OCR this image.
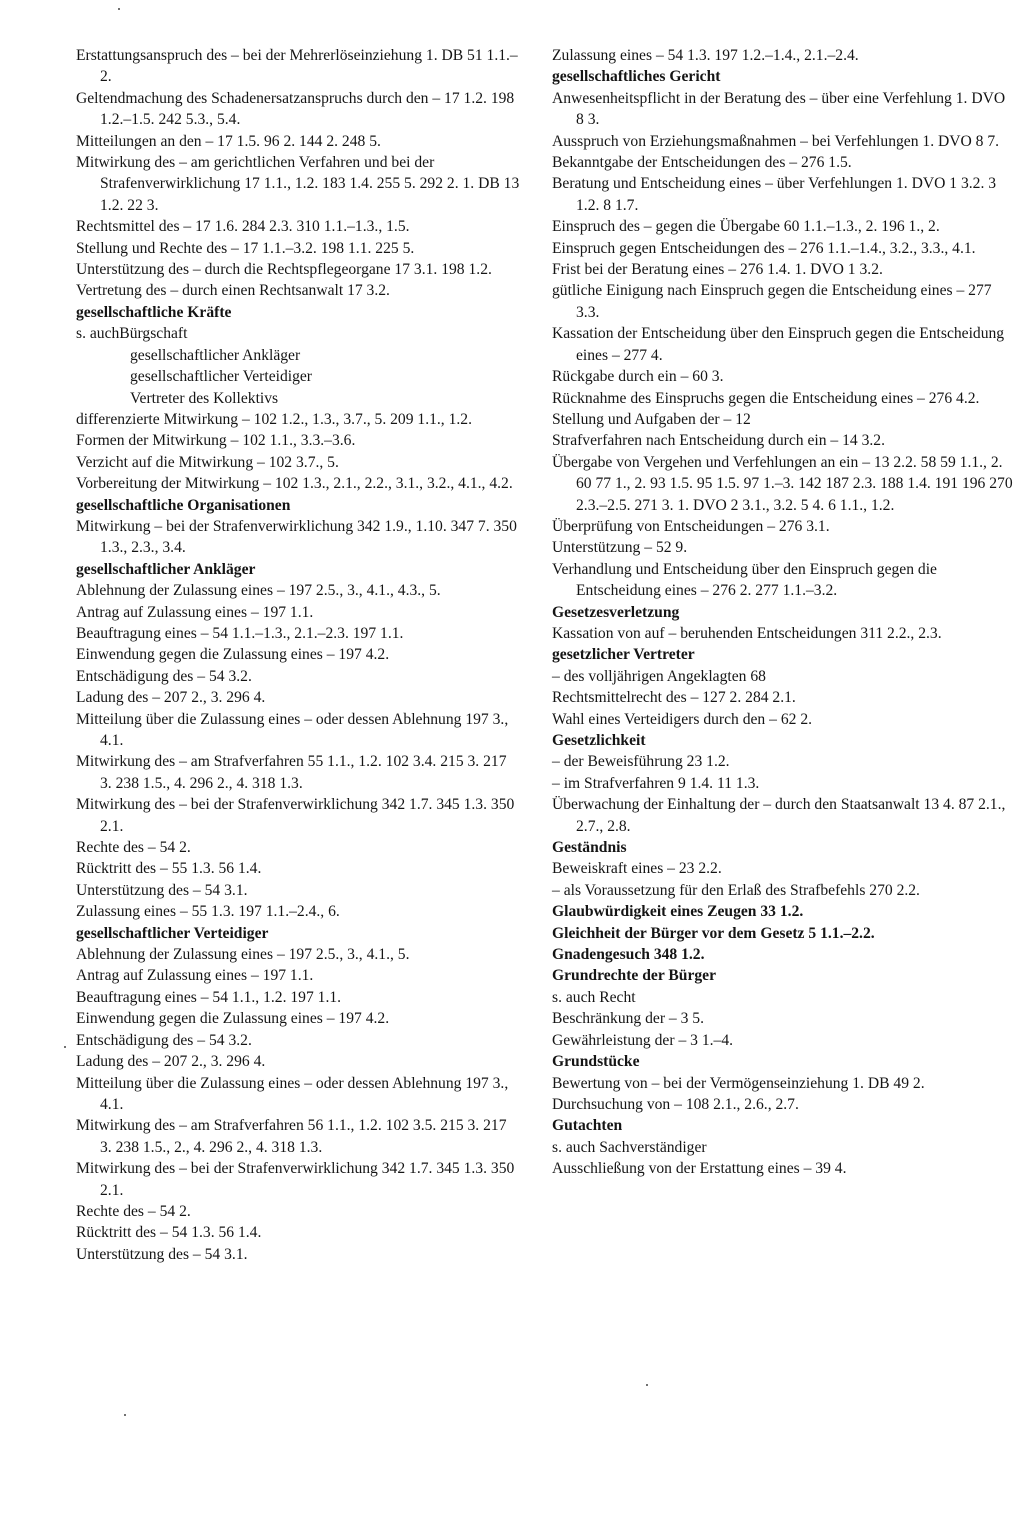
Erstattungsanspruch des – bei der Mehrerlöseinziehung 1. DB 51 1.1.–2.

Geltendmachung des Schadenersatzanspruchs durch den – 17 1.2. 198 1.2.–1.5. 242 5.3., 5.4.

Mitteilungen an den – 17 1.5. 96 2. 144 2. 248 5.

Mitwirkung des – am gerichtlichen Verfahren und bei der Strafenverwirklichung 17 1.1., 1.2. 183 1.4. 255 5. 292 2. 1. DB 13 1.2. 22 3.

Rechtsmittel des – 17 1.6. 284 2.3. 310 1.1.–1.3., 1.5.

Stellung und Rechte des – 17 1.1.–3.2. 198 1.1. 225 5.

Unterstützung des – durch die Rechtspflegeorgane 17 3.1. 198 1.2.

Vertretung des – durch einen Rechtsanwalt 17 3.2.

gesellschaftliche Kräfte

s. auchBürgschaft

gesellschaftlicher Ankläger

gesellschaftlicher Verteidiger

Vertreter des Kollektivs

differenzierte Mitwirkung – 102 1.2., 1.3., 3.7., 5. 209 1.1., 1.2.

Formen der Mitwirkung – 102 1.1., 3.3.–3.6.

Verzicht auf die Mitwirkung – 102 3.7., 5.

Vorbereitung der Mitwirkung – 102 1.3., 2.1., 2.2., 3.1., 3.2., 4.1., 4.2.

gesellschaftliche Organisationen

Mitwirkung – bei der Strafenverwirklichung 342 1.9., 1.10. 347 7. 350 1.3., 2.3., 3.4.

gesellschaftlicher Ankläger

Ablehnung der Zulassung eines – 197 2.5., 3., 4.1., 4.3., 5.

Antrag auf Zulassung eines – 197 1.1.

Beauftragung eines – 54 1.1.–1.3., 2.1.–2.3. 197 1.1.

Einwendung gegen die Zulassung eines – 197 4.2.

Entschädigung des – 54 3.2.

Ladung des – 207 2., 3. 296 4.

Mitteilung über die Zulassung eines – oder dessen Ablehnung 197 3., 4.1.

Mitwirkung des – am Strafverfahren 55 1.1., 1.2. 102 3.4. 215 3. 217 3. 238 1.5., 4. 296 2., 4. 318 1.3.

Mitwirkung des – bei der Strafenverwirklichung 342 1.7. 345 1.3. 350 2.1.

Rechte des – 54 2.

Rücktritt des – 55 1.3. 56 1.4.

Unterstützung des – 54 3.1.

Zulassung eines – 55 1.3. 197 1.1.–2.4., 6.

gesellschaftlicher Verteidiger

Ablehnung der Zulassung eines – 197 2.5., 3., 4.1., 5.

Antrag auf Zulassung eines – 197 1.1.

Beauftragung eines – 54 1.1., 1.2. 197 1.1.

Einwendung gegen die Zulassung eines – 197 4.2.

Entschädigung des – 54 3.2.

Ladung des – 207 2., 3. 296 4.

Mitteilung über die Zulassung eines – oder dessen Ablehnung 197 3., 4.1.

Mitwirkung des – am Strafverfahren 56 1.1., 1.2. 102 3.5. 215 3. 217 3. 238 1.5., 2., 4. 296 2., 4. 318 1.3.

Mitwirkung des – bei der Strafenverwirklichung 342 1.7. 345 1.3. 350 2.1.

Rechte des – 54 2.

Rücktritt des – 54 1.3. 56 1.4.

Unterstützung des – 54 3.1.

Zulassung eines – 54 1.3. 197 1.2.–1.4., 2.1.–2.4.

gesellschaftliches Gericht

Anwesenheitspflicht in der Beratung des – über eine Verfehlung 1. DVO 8 3.

Ausspruch von Erziehungsmaßnahmen – bei Verfehlungen 1. DVO 8 7.

Bekanntgabe der Entscheidungen des – 276 1.5.

Beratung und Entscheidung eines – über Verfehlungen 1. DVO 1 3.2. 3 1.2. 8 1.7.

Einspruch des – gegen die Übergabe 60 1.1.–1.3., 2. 196 1., 2.

Einspruch gegen Entscheidungen des – 276 1.1.–1.4., 3.2., 3.3., 4.1.

Frist bei der Beratung eines – 276 1.4. 1. DVO 1 3.2.

gütliche Einigung nach Einspruch gegen die Entscheidung eines – 277 3.3.

Kassation der Entscheidung über den Einspruch gegen die Entscheidung eines – 277 4.

Rückgabe durch ein – 60 3.

Rücknahme des Einspruchs gegen die Entscheidung eines – 276 4.2.

Stellung und Aufgaben der – 12

Strafverfahren nach Entscheidung durch ein – 14 3.2.

Übergabe von Vergehen und Verfehlungen an ein – 13 2.2. 58 59 1.1., 2. 60 77 1., 2. 93 1.5. 95 1.5. 97 1.–3. 142 187 2.3. 188 1.4. 191 196 270 2.3.–2.5. 271 3. 1. DVO 2 3.1., 3.2. 5 4. 6 1.1., 1.2.

Überprüfung von Entscheidungen – 276 3.1.

Unterstützung – 52 9.

Verhandlung und Entscheidung über den Einspruch gegen die Entscheidung eines – 276 2. 277 1.1.–3.2.

Gesetzesverletzung

Kassation von auf – beruhenden Entscheidungen 311 2.2., 2.3.

gesetzlicher Vertreter

– des volljährigen Angeklagten 68

Rechtsmittelrecht des – 127 2. 284 2.1.

Wahl eines Verteidigers durch den – 62 2.

Gesetzlichkeit

– der Beweisführung 23 1.2.

– im Strafverfahren 9 1.4. 11 1.3.

Überwachung der Einhaltung der – durch den Staatsanwalt 13 4. 87 2.1., 2.7., 2.8.

Geständnis

Beweiskraft eines – 23 2.2.

– als Voraussetzung für den Erlaß des Strafbefehls 270 2.2.

Glaubwürdigkeit eines Zeugen 33 1.2.

Gleichheit der Bürger vor dem Gesetz 5 1.1.–2.2.

Gnadengesuch 348 1.2.

Grundrechte der Bürger

s. auch Recht

Beschränkung der – 3 5.

Gewährleistung der – 3 1.–4.

Grundstücke

Bewertung von – bei der Vermögenseinziehung 1. DB 49 2.

Durchsuchung von – 108 2.1., 2.6., 2.7.

Gutachten

s. auch Sachverständiger

Ausschließung von der Erstattung eines – 39 4.
